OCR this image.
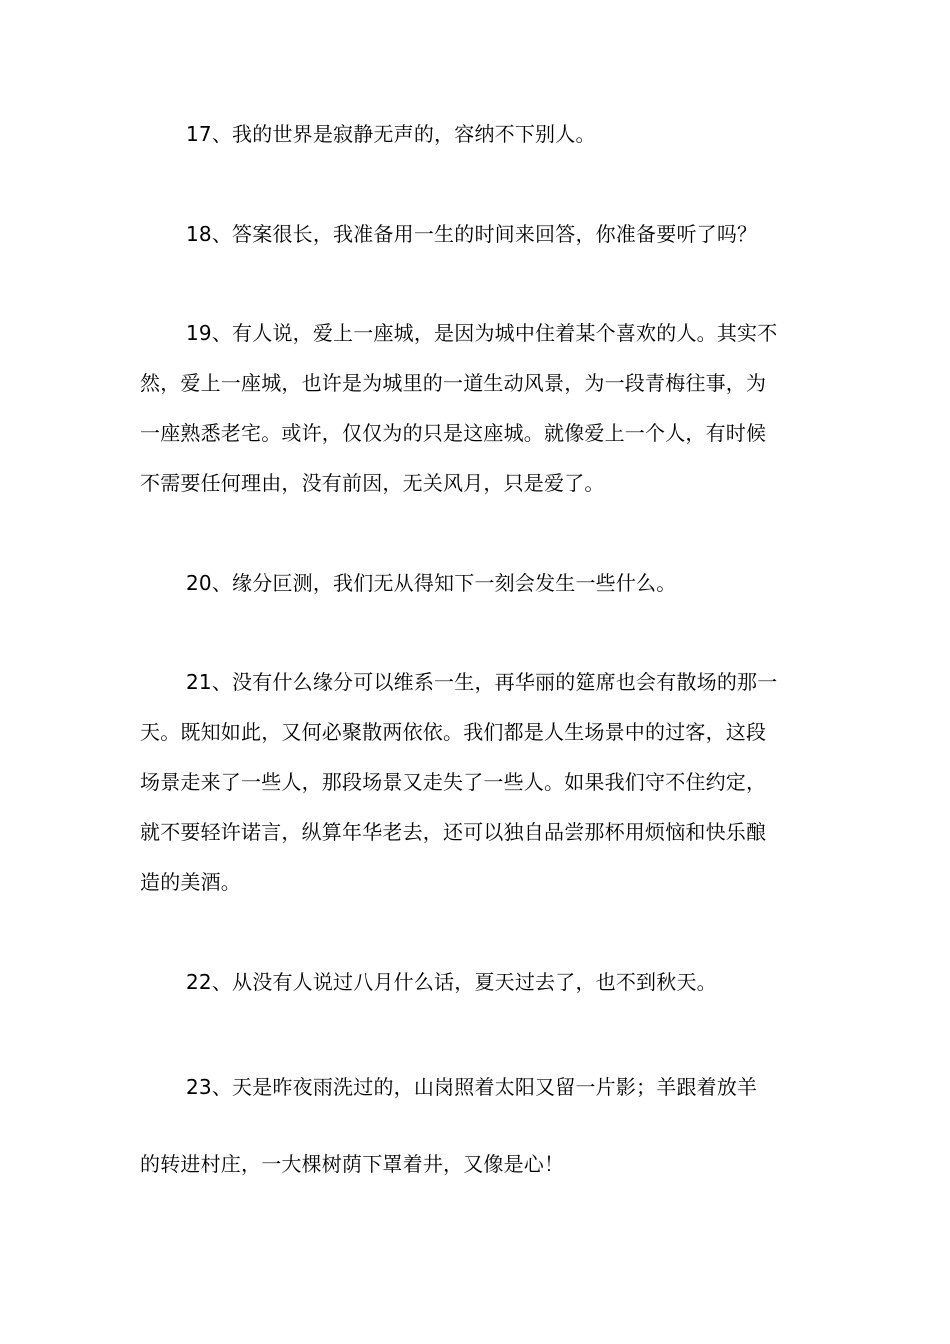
17、我的世界是寂静无声的，容纳不下别人。
18、答案很长，我准备用一生的时间来回答，你准备要听了吗？
19、有人说，爱上一座城，是因为城中住着某个喜欢的人。其实不
然，爱上一座城，也许是为城里的一道生动风景，为一段青梅往事，为
一座熟悉老宅。或许，仅仅为的只是这座城。就像爱上一个人，有时候
不需要任何理由，没有前因，无关风月，只是爱了。
20、缘分叵测，我们无从得知下一刻会发生一些什么。
21、没有什么缘分可以维系一生，再华丽的筵席也会有散场的那一
天。既知如此，又何必聚散两依依。我们都是人生场景中的过客，这段
场景走来了一些人，那段场景又走失了一些人。如果我们守不住约定，
就不要轻许诺言，纵算年华老去，还可以独自品尝那杯用烦恼和快乐酿
造的美酒。
22、从没有人说过八月什么话，夏天过去了，也不到秋天。
23、天是昨夜雨洗过的，山岗照着太阳又留一片影；羊跟着放羊
的转进村庄，一大棵树荫下罩着井，又像是心！
